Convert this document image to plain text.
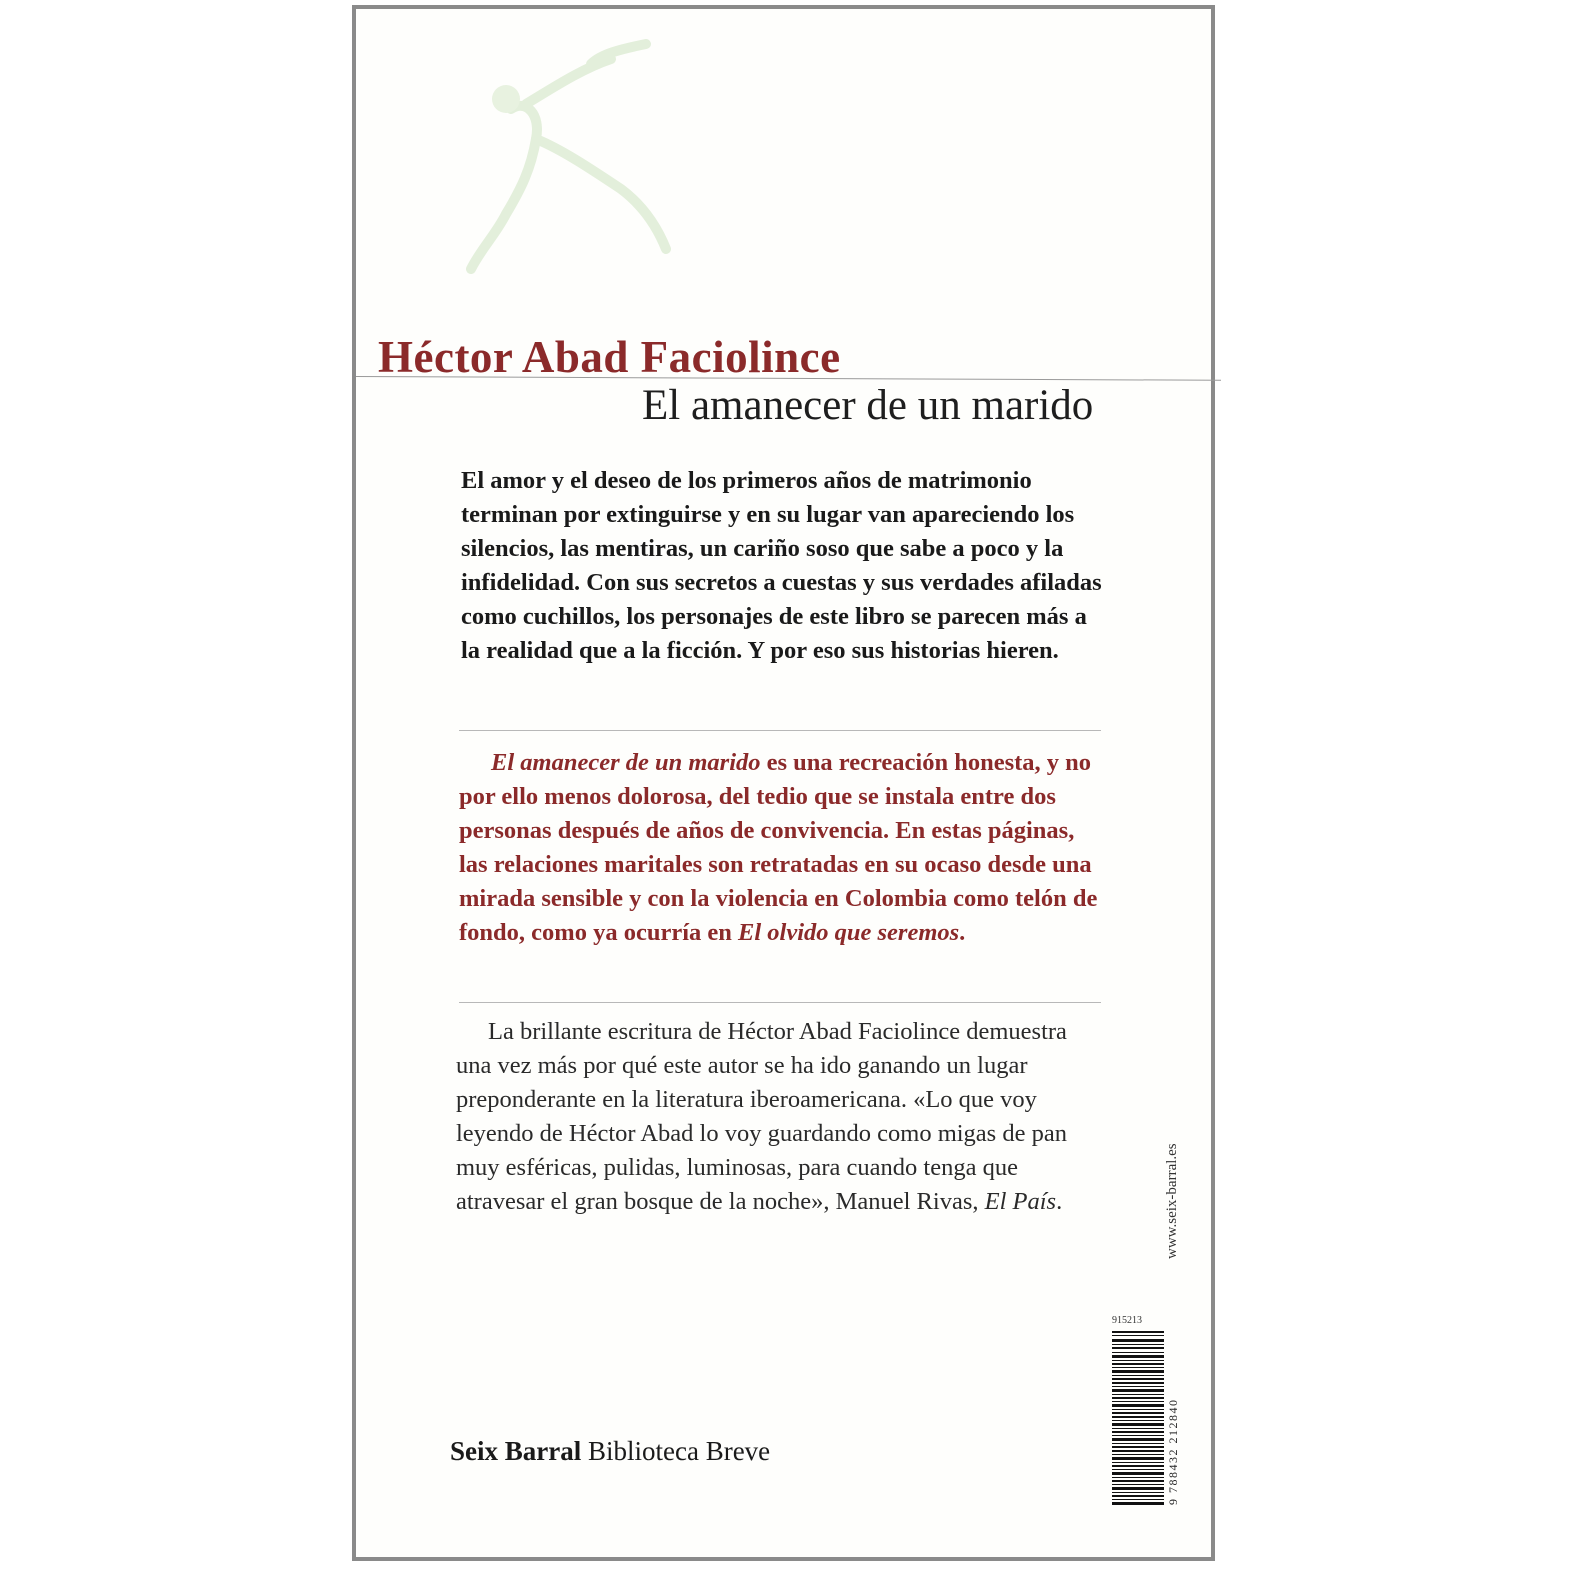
Héctor Abad Faciolince
El amanecer de un marido

El amor y el deseo de los primeros años de matrimonio terminan por extinguirse y en su lugar van apareciendo los silencios, las mentiras, un cariño soso que sabe a poco y la infidelidad. Con sus secretos a cuestas y sus verdades afiladas como cuchillos, los personajes de este libro se parecen más a la realidad que a la ficción. Y por eso sus historias hieren.

El amanecer de un marido es una recreación honesta, y no por ello menos dolorosa, del tedio que se instala entre dos personas después de años de convivencia. En estas páginas, las relaciones maritales son retratadas en su ocaso desde una mirada sensible y con la violencia en Colombia como telón de fondo, como ya ocurría en El olvido que seremos.

La brillante escritura de Héctor Abad Faciolince demuestra una vez más por qué este autor se ha ido ganando un lugar preponderante en la literatura iberoamericana. «Lo que voy leyendo de Héctor Abad lo voy guardando como migas de pan muy esféricas, pulidas, luminosas, para cuando tenga que atravesar el gran bosque de la noche», Manuel Rivas, El País.	www.seix-barral.es
915213
9 788432 212840
Seix Barral Biblioteca Breve
